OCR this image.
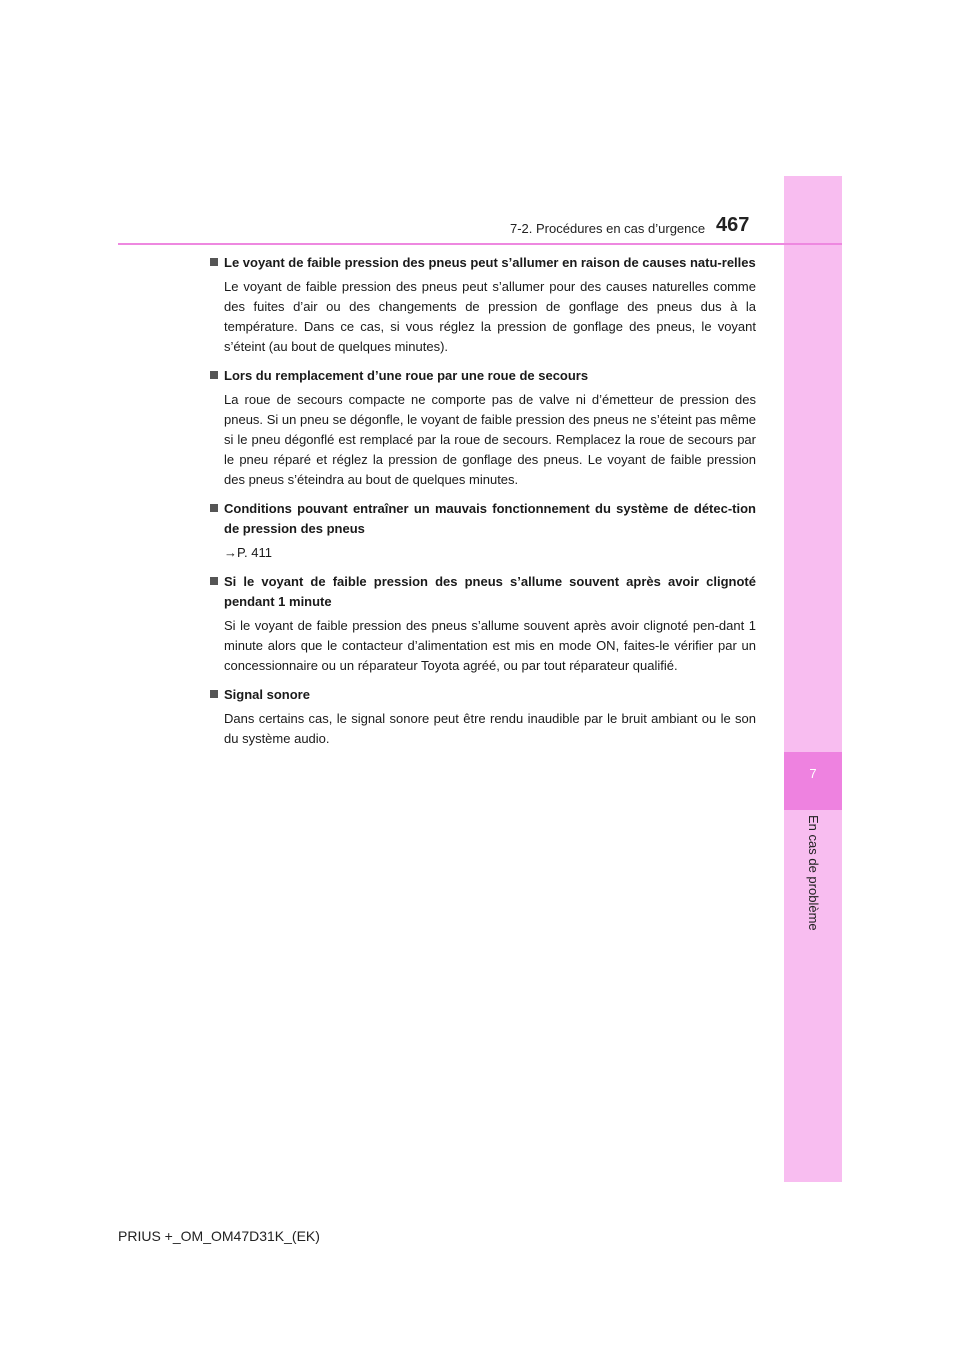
7
En cas de problème
7-2. Procédures en cas d’urgence 467
Le voyant de faible pression des pneus peut s’allumer en raison de causes natu-relles
Le voyant de faible pression des pneus peut s’allumer pour des causes naturelles comme des fuites d’air ou des changements de pression de gonflage des pneus dus à la température. Dans ce cas, si vous réglez la pression de gonflage des pneus, le voyant s’éteint (au bout de quelques minutes).
Lors du remplacement d’une roue par une roue de secours
La roue de secours compacte ne comporte pas de valve ni d’émetteur de pression des pneus. Si un pneu se dégonfle, le voyant de faible pression des pneus ne s’éteint pas même si le pneu dégonflé est remplacé par la roue de secours. Remplacez la roue de secours par le pneu réparé et réglez la pression de gonflage des pneus. Le voyant de faible pression des pneus s’éteindra au bout de quelques minutes.
Conditions pouvant entraîner un mauvais fonctionnement du système de détec-tion de pression des pneus
→P. 411
Si le voyant de faible pression des pneus s’allume souvent après avoir clignoté pendant 1 minute
Si le voyant de faible pression des pneus s’allume souvent après avoir clignoté pen-dant 1 minute alors que le contacteur d’alimentation est mis en mode ON, faites-le vérifier par un concessionnaire ou un réparateur Toyota agréé, ou par tout réparateur qualifié.
Signal sonore
Dans certains cas, le signal sonore peut être rendu inaudible par le bruit ambiant ou le son du système audio.
PRIUS +_OM_OM47D31K_(EK)
